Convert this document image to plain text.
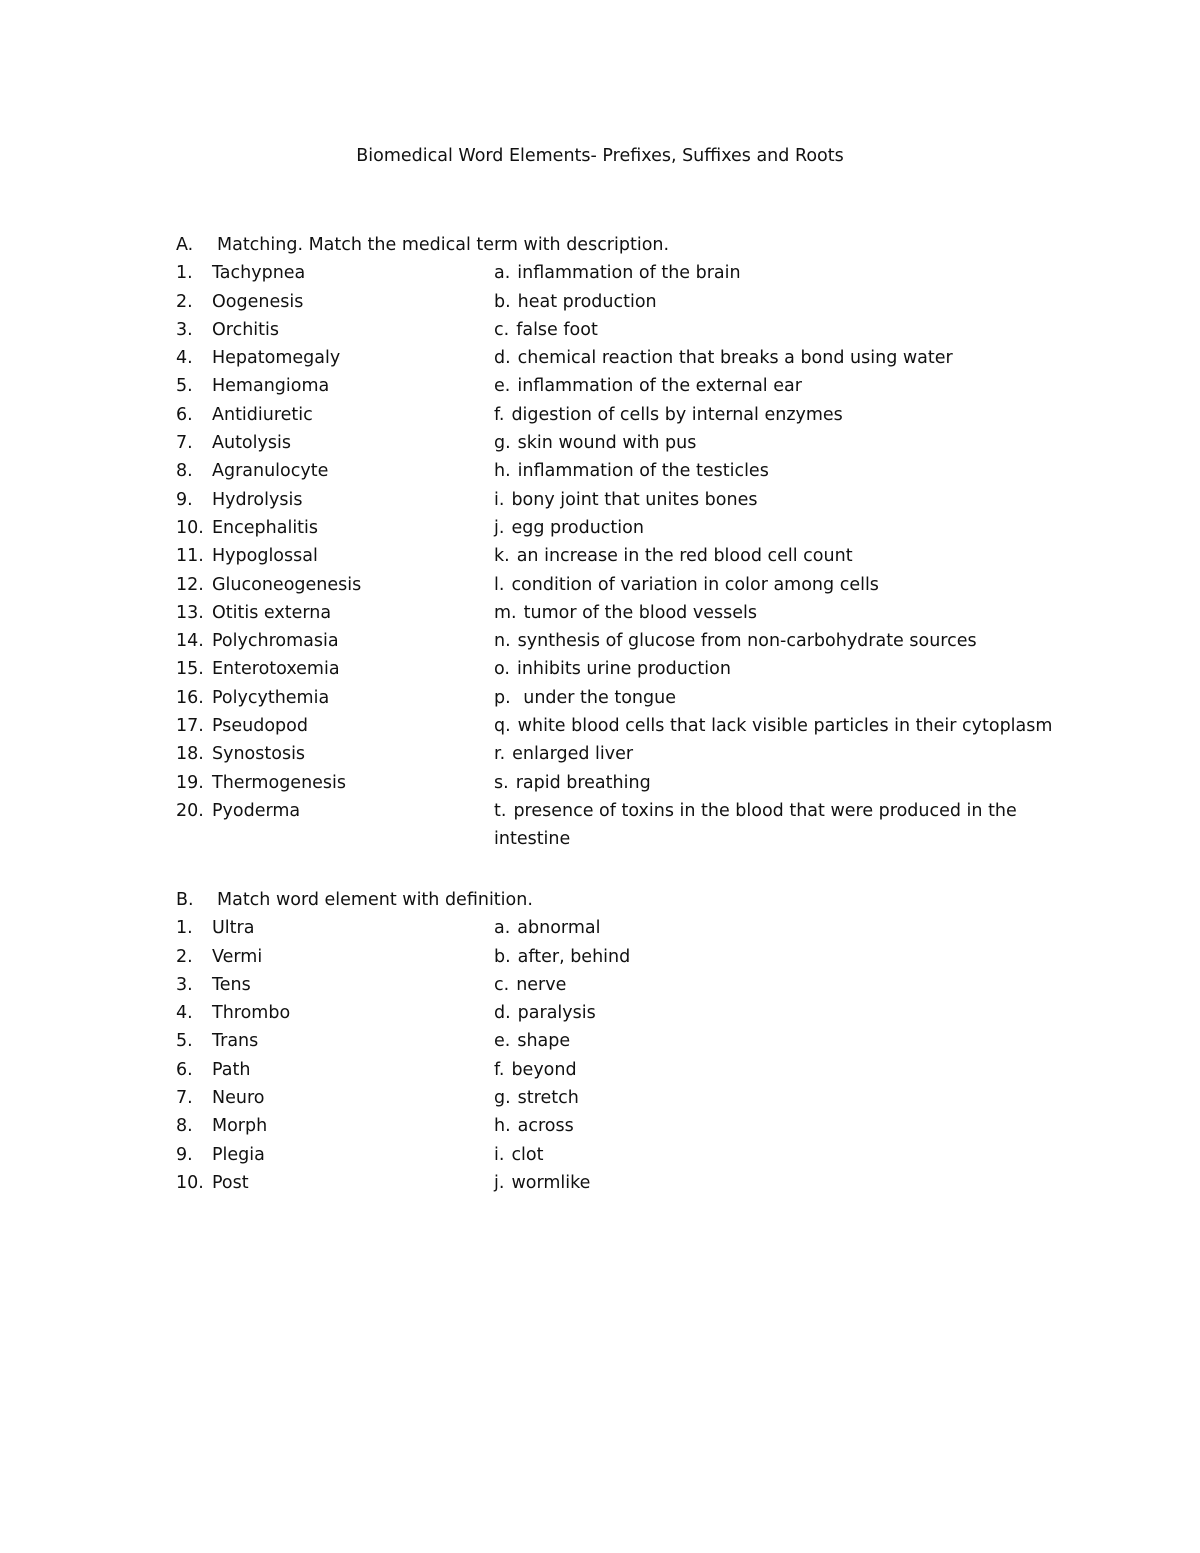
Biomedical Word Elements- Prefixes, Suffixes and Roots
A. Matching. Match the medical term with description.
1.	Tachypnea	a. inflammation of the brain
2.	Oogenesis	b. heat production
3.	Orchitis	c. false foot
4.	Hepatomegaly	d. chemical reaction that breaks a bond using water
5.	Hemangioma	e. inflammation of the external ear
6.	Antidiuretic	f. digestion of cells by internal enzymes
7.	Autolysis	g. skin wound with pus
8.	Agranulocyte	h. inflammation of the testicles
9.	Hydrolysis	i. bony joint that unites bones
10. Encephalitis	j. egg production
11. Hypoglossal	k. an increase in the red blood cell count
12. Gluconeogenesis	l. condition of variation in color among cells
13. Otitis externa	m. tumor of the blood vessels
14. Polychromasia	n. synthesis of glucose from non-carbohydrate sources
15. Enterotoxemia	o. inhibits urine production
16. Polycythemia	p. under the tongue
17. Pseudopod	q. white blood cells that lack visible particles in their cytoplasm
18. Synostosis	r. enlarged liver
19. Thermogenesis	s. rapid breathing
20. Pyoderma	t. presence of toxins in the blood that were produced in the intestine
B. Match word element with definition.
1.	Ultra	a. abnormal
2.	Vermi	b. after, behind
3.	Tens	c. nerve
4.	Thrombo	d. paralysis
5.	Trans	e. shape
6.	Path	f. beyond
7.	Neuro	g. stretch
8.	Morph	h. across
9.	Plegia	i. clot
10. Post	j. wormlike
